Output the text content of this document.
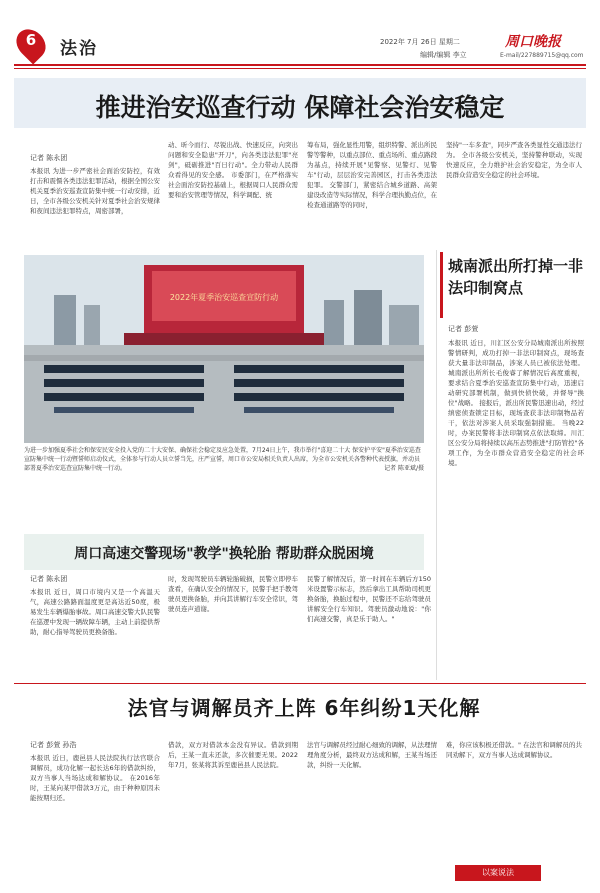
6	法治	2022年 7月 26日 星期二
编辑/编辑 李立
周口晚报
E-mail/227889715@qq.com
推进治安巡查行动 保障社会治安稳定
记者 陈永团
本报讯 为进一步严密社会面治安防控，有效打击和震慑各类违法犯罪活动，根据全国公安机关夏季治安巡查宣防集中统一行动安排，近日，全市各级公安机关针对夏季社会治安规律和夜间违法犯罪特点，周密部署，
动、昕今而行、尽锐出战、快速反应，向突出问题和安全隐患"开刀"，向各类违法犯罪"亮剑"，砥砺推进"百日行动"。全力带动人民群众看得见的安全感。 市委部门，在严格落实社会面治安防控基础上，根据周口人民群众需要和治安管理等情况，科学调配、统
筹布局，强化显性用警，组织特警、派出所民警等警种，以重点部位、重点场所、重点路段为基点，持续开展"见警察、见警灯、见警车"行动，层层治安完善园区，打击各类违法犯罪。 交警部门，紧密结合城乡道路、高架建设改造等实际情况，科学合理执勤点位，在检查通道路等的同时，
坚持"一车多查"，同步严查各类显性交通违法行为。 全市各级公安机关，坚持警种联动，实现快速反应，全力维护社会治安稳定，为全市人民群众营造安全稳定的社会环境。
2022年夏季治安巡查宣防行动
为进一步加强夏季社会和保安民安全投入党的二十大安保、确保社会稳定及应急处置，7月24日上午，我市举行"喜迎二十大 保安护平安"夏季治安巡查宣防集中统一行动暨誓师启动仪式，全体参与行动人员立誓当先，庄严宣誓，周口市公安局相关负责人出席，为全市公安机关各警种代表授旗，并动员部署夏季治安巡查宣防集中统一行动。	记者 陈亚斌/摄
城南派出所打掉一非法印制窝点
记者 彭萱
本报讯 近日，川汇区公安分局城南派出所按照警情研判，成功打掉一非法印制窝点，现场查获大量非法印制品，涉案人员已被依法处理。 城南派出所所长毛俊睿了解情况后高度重视，要求结合夏季治安巡查宣防集中行动，迅速启动研究部署机制，做到快侦快破，并督导"换位"战略。 接报后，派出所民警迅速出动，经过缜密侦查锁定目标，现场查获非法印制物品若干，依法对涉案人员采取强制措施。 当晚22时，办案民警将非法印制窝点依法取缔。川汇区公安分局将持续以高压态势推进"打防管控"各项工作，为全市群众营造安全稳定的社会环境。
周口高速交警现场"教学"换轮胎 帮助群众脱困境
记者 陈永团
本报讯 近日，周口市境内又是一个高温天气，高速公路路面温度更是高达近50度，极易发生车辆爆胎事故。周口高速交警大队民警在巡逻中发现一辆故障车辆，主动上前提供帮助，耐心指导驾驶员更换备胎。
时，发现驾驶员车辆轮胎破损，民警立即停车查看，在确认安全的情况下，民警手把手教驾驶员更换备胎，并向其讲解行车安全常识，驾驶员连声道谢。
民警了解情况后，第一时间在车辆后方150米设置警示标志，然后拿出工具帮助司机更换备胎，换胎过程中，民警还不忘给驾驶员讲解安全行车知识。驾驶员激动地说："你们高速交警，真是乐于助人。"
法官与调解员齐上阵 6年纠纷1天化解
记者 彭萱 孙浩
本报讯 近日，鹿邑县人民法院执行法官联合调解员，成功化解一起长达6年的借款纠纷，双方当事人当场达成和解协议。 在2016年时，王某向某甲借款3万元，由于种种原因未能按期归还。
借款，双方对借款本金没有异议。借款到期后，王某一直未还款，多次催要无果。2022年7月，张某将其诉至鹿邑县人民法院。
法官与调解员经过耐心细致的调解，从法理情理角度分析，最终双方达成和解，王某当场还款，纠纷一天化解。
难，你应该积极还借款。" 在法官和调解员的共同劝解下，双方当事人达成调解协议。
以案说法
